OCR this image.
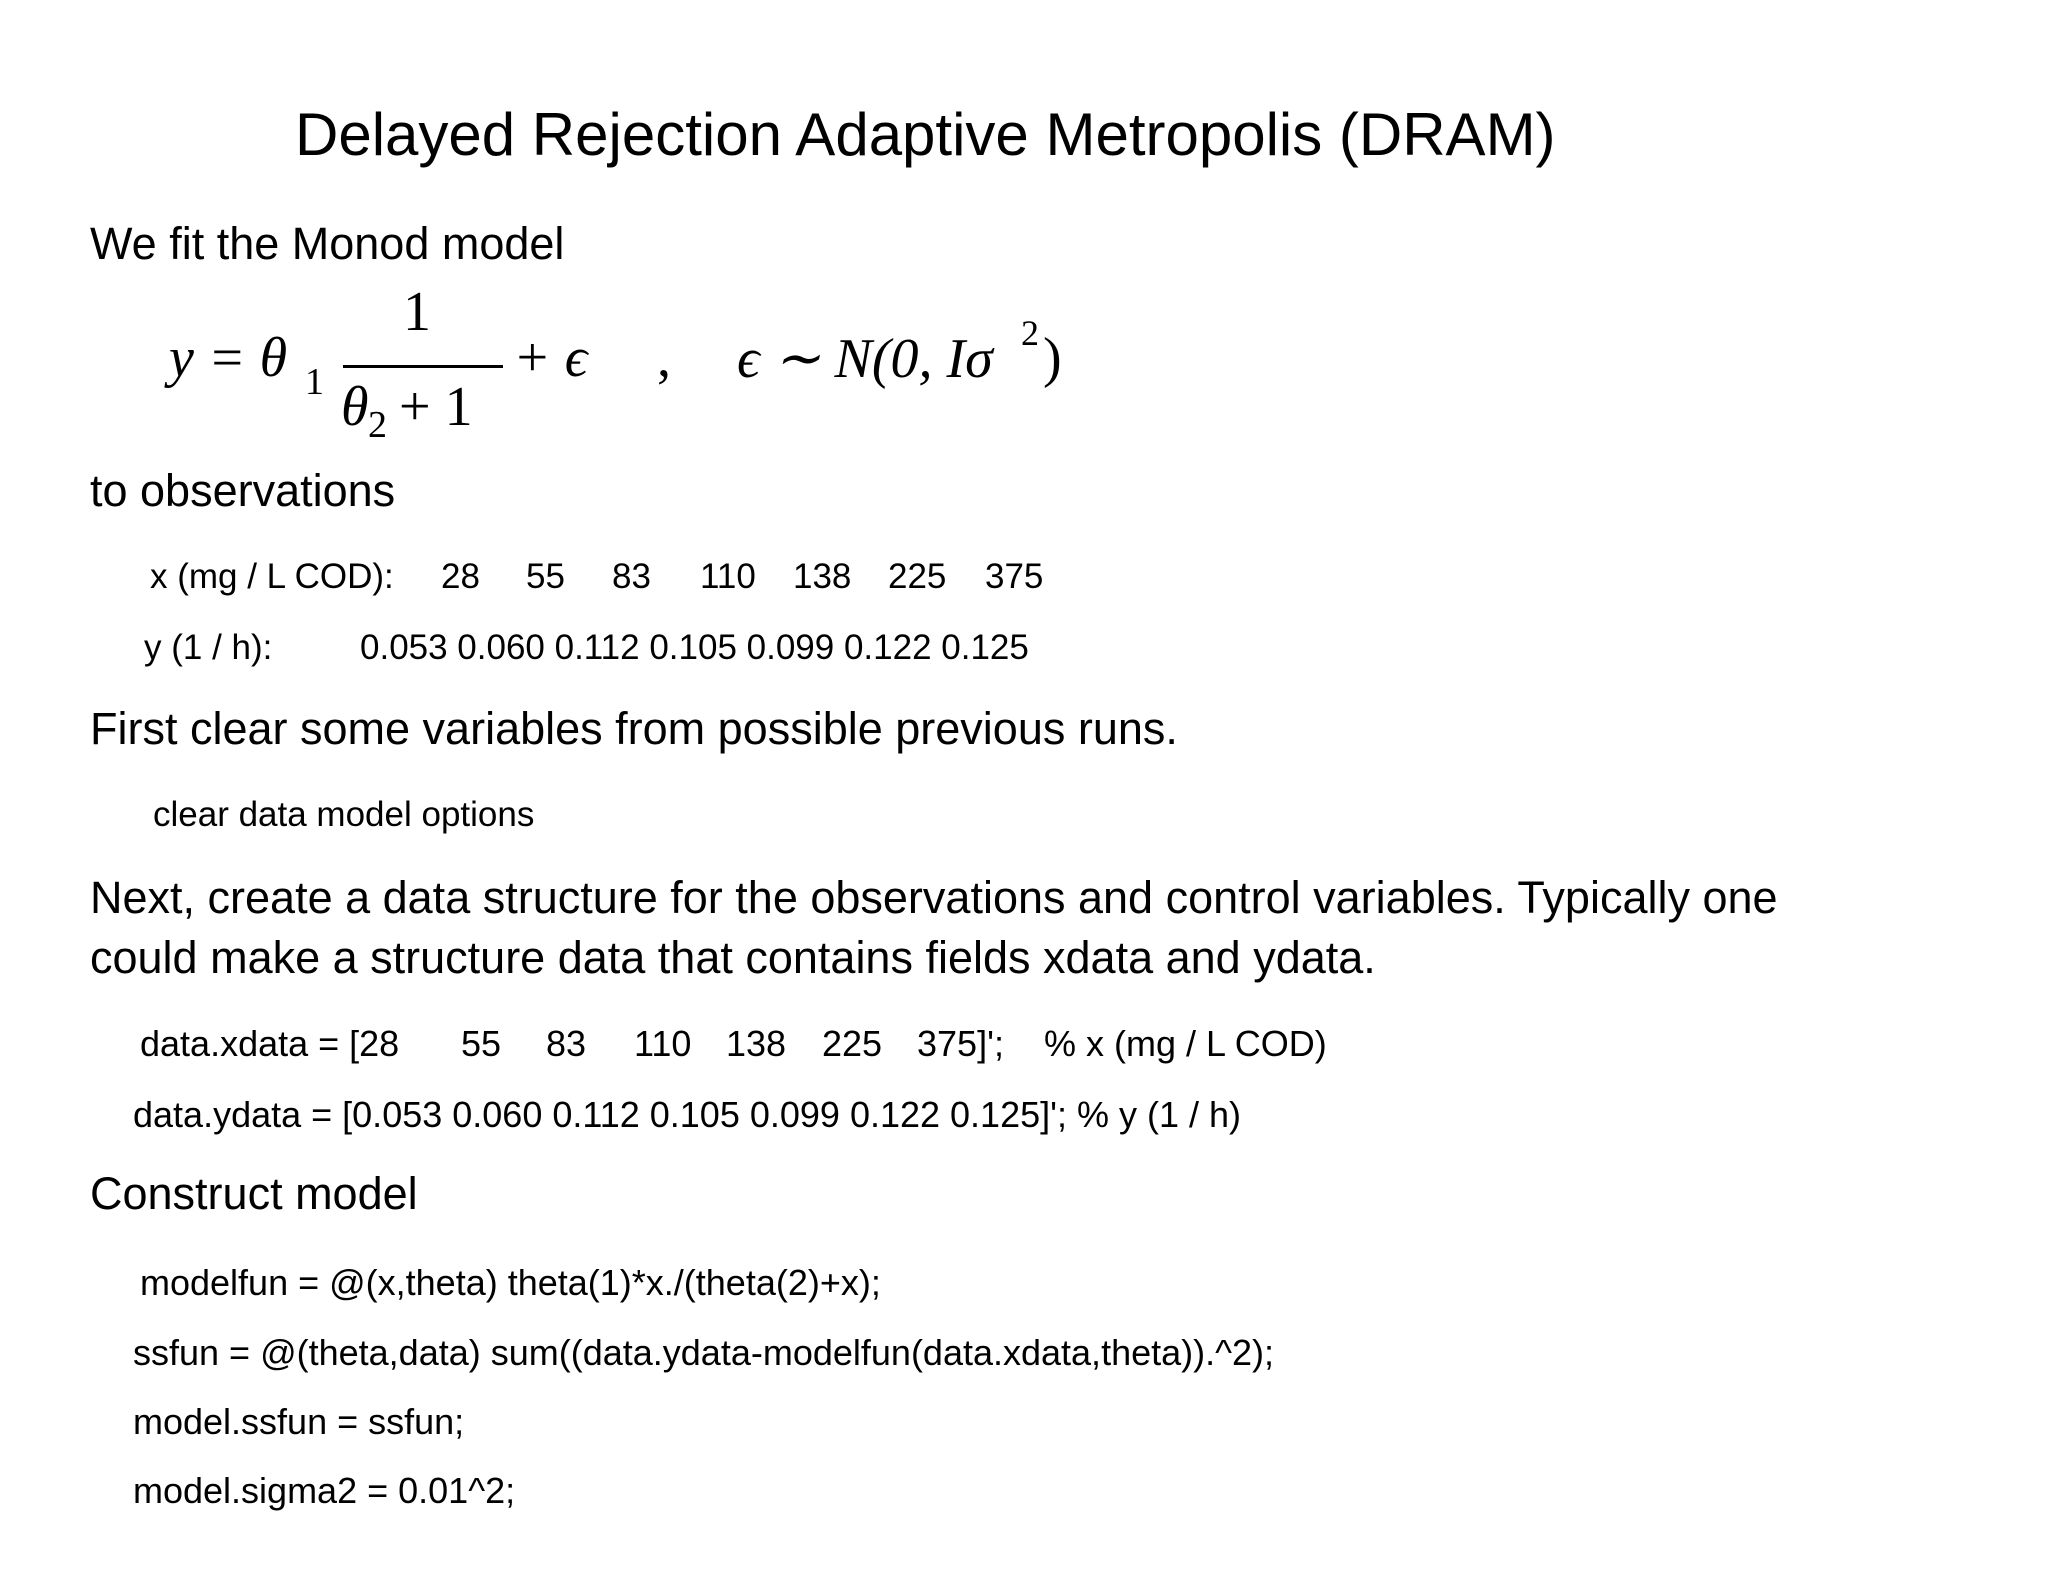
Delayed Rejection Adaptive Metropolis (DRAM)
We fit the Monod model
y = θ 1
1
θ 2
+ 1
+ ϵ , ϵ ∼ N(0, Iσ 2 )
to observations
x (mg / L COD): 28 55 83 110 138 225 375
y (1 / h):	0.053 0.060 0.112 0.105 0.099 0.122 0.125
First clear some variables from possible previous runs.
clear data model options
Next, create a data structure for the observations and control variables. Typically one
could make a structure data that contains fields xdata and ydata.
data.xdata = [28 55 83 110 138 225 375]'; % x (mg / L COD)
data.ydata = [0.053 0.060 0.112 0.105 0.099 0.122 0.125]'; % y (1 / h)
Construct model
modelfun = @(x,theta) theta(1)*x./(theta(2)+x);
ssfun = @(theta,data) sum((data.ydata-modelfun(data.xdata,theta)).^2);
model.ssfun = ssfun;
model.sigma2 = 0.01^2;
